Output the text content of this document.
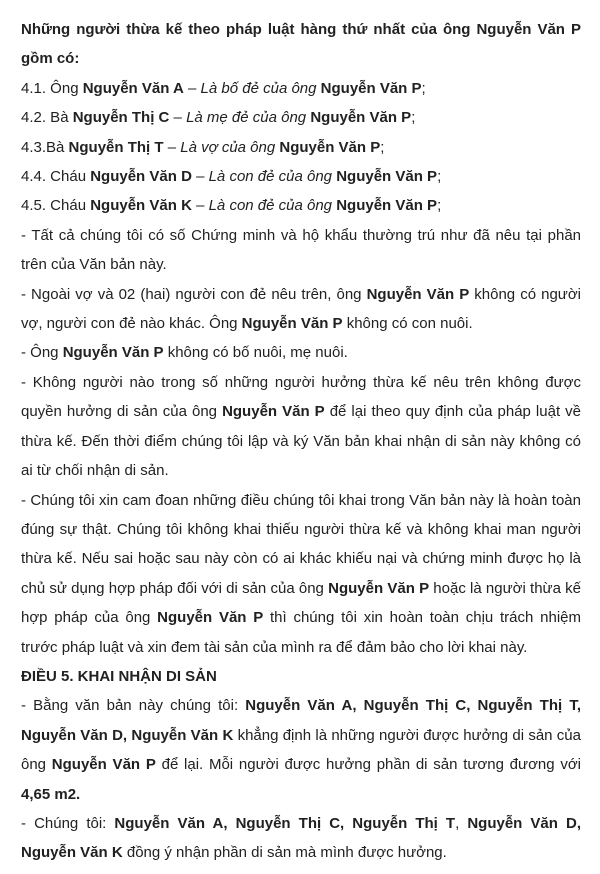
Những người thừa kế theo pháp luật hàng thứ nhất của ông Nguyễn Văn P gồm có:

4.1. Ông Nguyễn Văn A – Là bố đẻ của ông Nguyễn Văn P;

4.2. Bà Nguyễn Thị C – Là mẹ đẻ của ông Nguyễn Văn P;

4.3.Bà Nguyễn Thị T – Là vợ của ông Nguyễn Văn P;

4.4. Cháu Nguyễn Văn D – Là con đẻ của ông Nguyễn Văn P;

4.5. Cháu Nguyễn Văn K – Là con đẻ của ông Nguyễn Văn P;

- Tất cả chúng tôi có số Chứng minh và hộ khẩu thường trú như đã nêu tại phần trên của Văn bản này.

- Ngoài vợ và 02 (hai) người con đẻ nêu trên, ông Nguyễn Văn P không có người vợ, người con đẻ nào khác. Ông Nguyễn Văn P không có con nuôi.

- Ông Nguyễn Văn P không có bố nuôi, mẹ nuôi.

- Không người nào trong số những người hưởng thừa kế nêu trên không được quyền hưởng di sản của ông Nguyễn Văn P để lại theo quy định của pháp luật về thừa kế. Đến thời điểm chúng tôi lập và ký Văn bản khai nhận di sản này không có ai từ chối nhận di sản.

- Chúng tôi xin cam đoan những điều chúng tôi khai trong Văn bản này là hoàn toàn đúng sự thật. Chúng tôi không khai thiếu người thừa kế và không khai man người thừa kế. Nếu sai hoặc sau này còn có ai khác khiếu nại và chứng minh được họ là chủ sử dụng hợp pháp đối với di sản của ông Nguyễn Văn P hoặc là người thừa kế hợp pháp của ông Nguyễn Văn P thì chúng tôi xin hoàn toàn chịu trách nhiệm trước pháp luật và xin đem tài sản của mình ra để đảm bảo cho lời khai này.

ĐIỀU 5. KHAI NHẬN DI SẢN

- Bằng văn bản này chúng tôi: Nguyễn Văn A, Nguyễn Thị C, Nguyễn Thị T, Nguyễn Văn D, Nguyễn Văn K khẳng định là những người được hưởng di sản của ông Nguyễn Văn P để lại. Mỗi người được hưởng phần di sản tương đương với 4,65 m2.

- Chúng tôi: Nguyễn Văn A, Nguyễn Thị C, Nguyễn Thị T, Nguyễn Văn D, Nguyễn Văn K đồng ý nhận phần di sản mà mình được hưởng.
